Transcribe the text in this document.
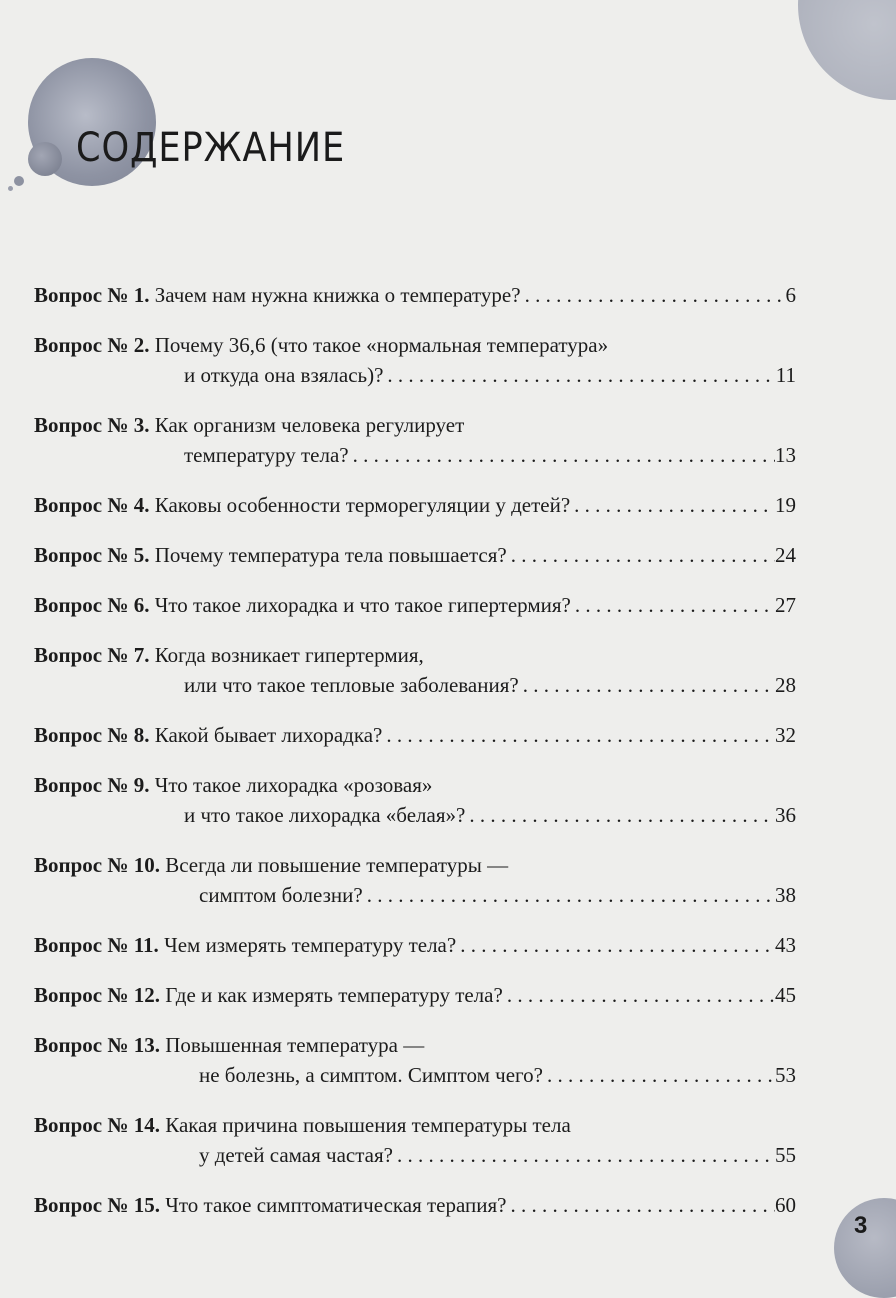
СОДЕРЖАНИЕ
Вопрос № 1.
Зачем нам нужна книжка о температуре? . . .	6
Вопрос № 2.
Почему 36,6 (что такое «нормальная температура»
и откуда она взялась)? . . .	11
Вопрос № 3.
Как организм человека регулирует
температуру тела? . . .	13
Вопрос № 4.
Каковы особенности терморегуляции у детей? . . .	19
Вопрос № 5.
Почему температура тела повышается? . . .	24
Вопрос № 6.
Что такое лихорадка и что такое гипертермия? . . .	27
Вопрос № 7.
Когда возникает гипертермия,
или что такое тепловые заболевания? . . .	28
Вопрос № 8.
Какой бывает лихорадка? . . .	32
Вопрос № 9.
Что такое лихорадка «розовая»
и что такое лихорадка «белая»? . . .	36
Вопрос № 10.
Всегда ли повышение температуры —
симптом болезни? . . .	38
Вопрос № 11.
Чем измерять температуру тела? . . .	43
Вопрос № 12.
Где и как измерять температуру тела? . . .	45
Вопрос № 13.
Повышенная температура —
не болезнь, а симптом. Симптом чего? . . .	53
Вопрос № 14.
Какая причина повышения температуры тела
у детей самая частая? . . .	55
Вопрос № 15.
Что такое симптоматическая терапия? . . .	60
3
